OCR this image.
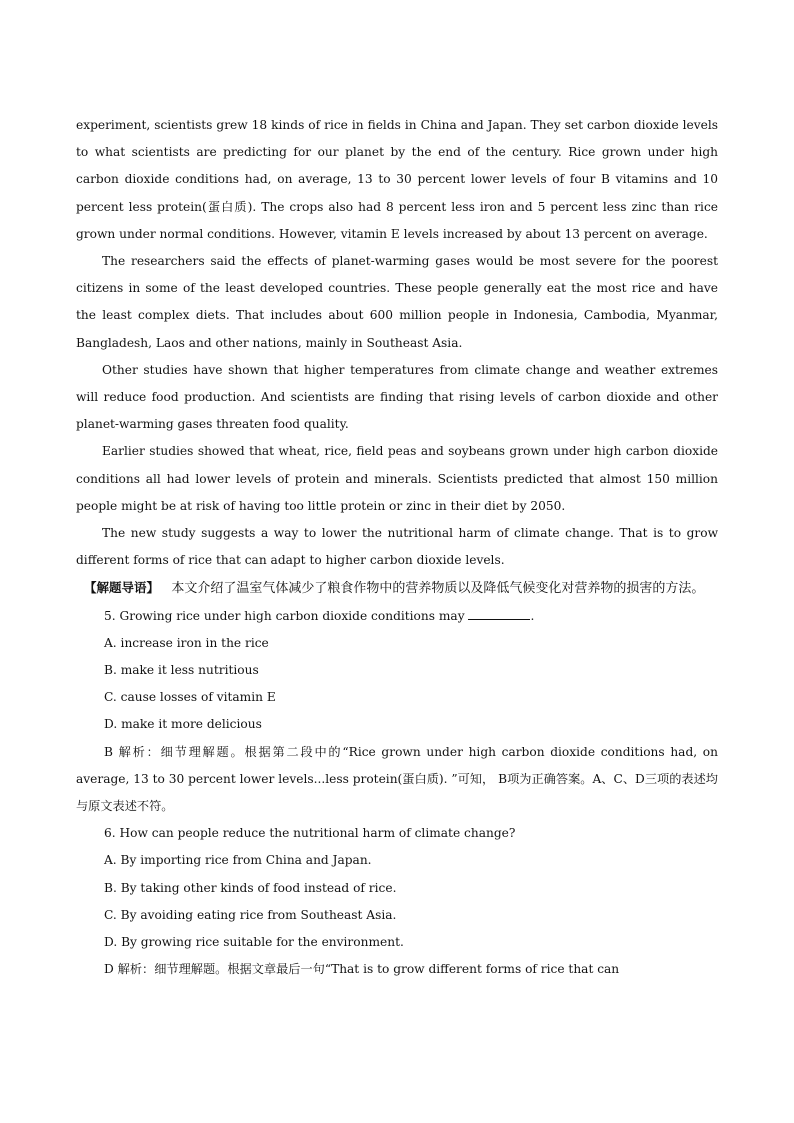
experiment, scientists grew 18 kinds of rice in fields in China and Japan. They set carbon dioxide levels to what scientists are predicting for our planet by the end of the century. Rice grown under high carbon dioxide conditions had, on average, 13 to 30 percent lower levels of four B vitamins and 10 percent less protein(蛋白质). The crops also had 8 percent less iron and 5 percent less zinc than rice grown under normal conditions. However, vitamin E levels increased by about 13 percent on average.

The researchers said the effects of planet-warming gases would be most severe for the poorest citizens in some of the least developed countries. These people generally eat the most rice and have the least complex diets. That includes about 600 million people in Indonesia, Cambodia, Myanmar, Bangladesh, Laos and other nations, mainly in Southeast Asia.

Other studies have shown that higher temperatures from climate change and weather extremes will reduce food production. And scientists are finding that rising levels of carbon dioxide and other planet-warming gases threaten food quality.

Earlier studies showed that wheat, rice, field peas and soybeans grown under high carbon dioxide conditions all had lower levels of protein and minerals. Scientists predicted that almost 150 million people might be at risk of having too little protein or zinc in their diet by 2050.

The new study suggests a way to lower the nutritional harm of climate change. That is to grow different forms of rice that can adapt to higher carbon dioxide levels.

【解题导语】 本文介绍了温室气体减少了粮食作物中的营养物质以及降低气候变化对营养物的损害的方法。

5. Growing rice under high carbon dioxide conditions may	.

A. increase iron in the rice

B. make it less nutritious

C. cause losses of vitamin E

D. make it more delicious

B 解析：细节理解题。根据第二段中的“Rice grown under high carbon dioxide conditions had, on average, 13 to 30 percent lower levels...less protein(蛋白质). ”可知， B项为正确答案。A、C、D三项的表述均与原文表述不符。

6. How can people reduce the nutritional harm of climate change?

A. By importing rice from China and Japan.

B. By taking other kinds of food instead of rice.

C. By avoiding eating rice from Southeast Asia.

D. By growing rice suitable for the environment.

D 解析：细节理解题。根据文章最后一句“That is to grow different forms of rice that can
